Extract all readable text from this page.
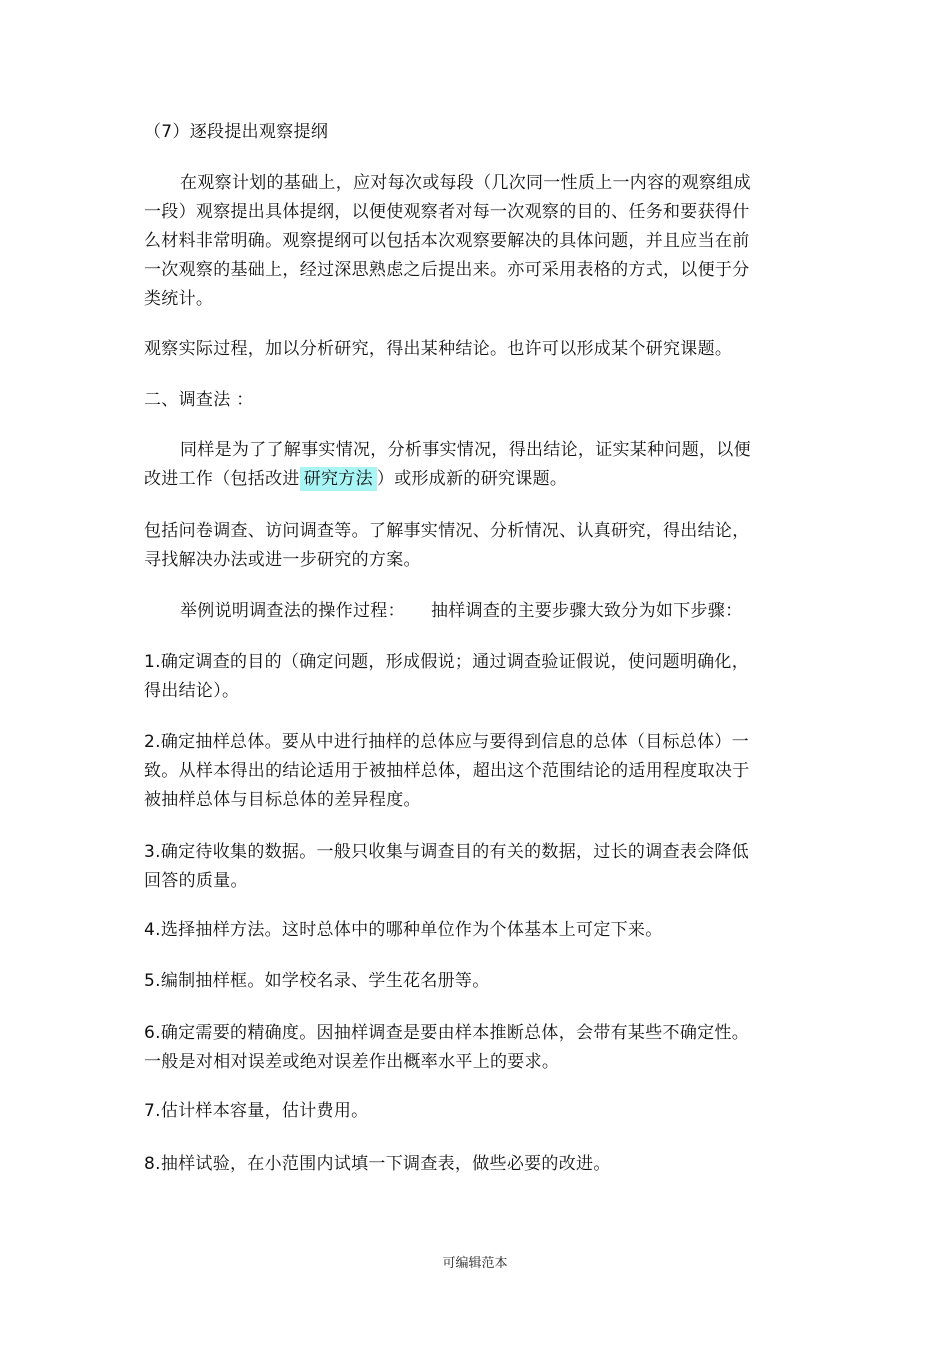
（7）逐段提出观察提纲
在观察计划的基础上，应对每次或每段（几次同一性质上一内容的观察组成一段）观察提出具体提纲，以便使观察者对每一次观察的目的、任务和要获得什么材料非常明确。观察提纲可以包括本次观察要解决的具体问题，并且应当在前一次观察的基础上，经过深思熟虑之后提出来。亦可采用表格的方式，以便于分类统计。
观察实际过程，加以分析研究，得出某种结论。也许可以形成某个研究课题。
二、调查法 ：
同样是为了了解事实情况，分析事实情况，得出结论，证实某种问题，以便改进工作（包括改进 研究方法 ）或形成新的研究课题。
包括问卷调查、访问调查等。了解事实情况、分析情况、认真研究，得出结论，寻找解决办法或进一步研究的方案。
举例说明调查法的操作过程：　　抽样调查的主要步骤大致分为如下步骤：
1.确定调查的目的（确定问题，形成假说；通过调查验证假说，使问题明确化，得出结论）。
2.确定抽样总体。要从中进行抽样的总体应与要得到信息的总体（目标总体）一致。从样本得出的结论适用于被抽样总体，超出这个范围结论的适用程度取决于被抽样总体与目标总体的差异程度。
3.确定待收集的数据。一般只收集与调查目的有关的数据，过长的调查表会降低回答的质量。
4.选择抽样方法。这时总体中的哪种单位作为个体基本上可定下来。
5.编制抽样框。如学校名录、学生花名册等。
6.确定需要的精确度。因抽样调查是要由样本推断总体，会带有某些不确定性。一般是对相对误差或绝对误差作出概率水平上的要求。
7.估计样本容量，估计费用。
8.抽样试验，在小范围内试填一下调查表，做些必要的改进。
可编辑范本
